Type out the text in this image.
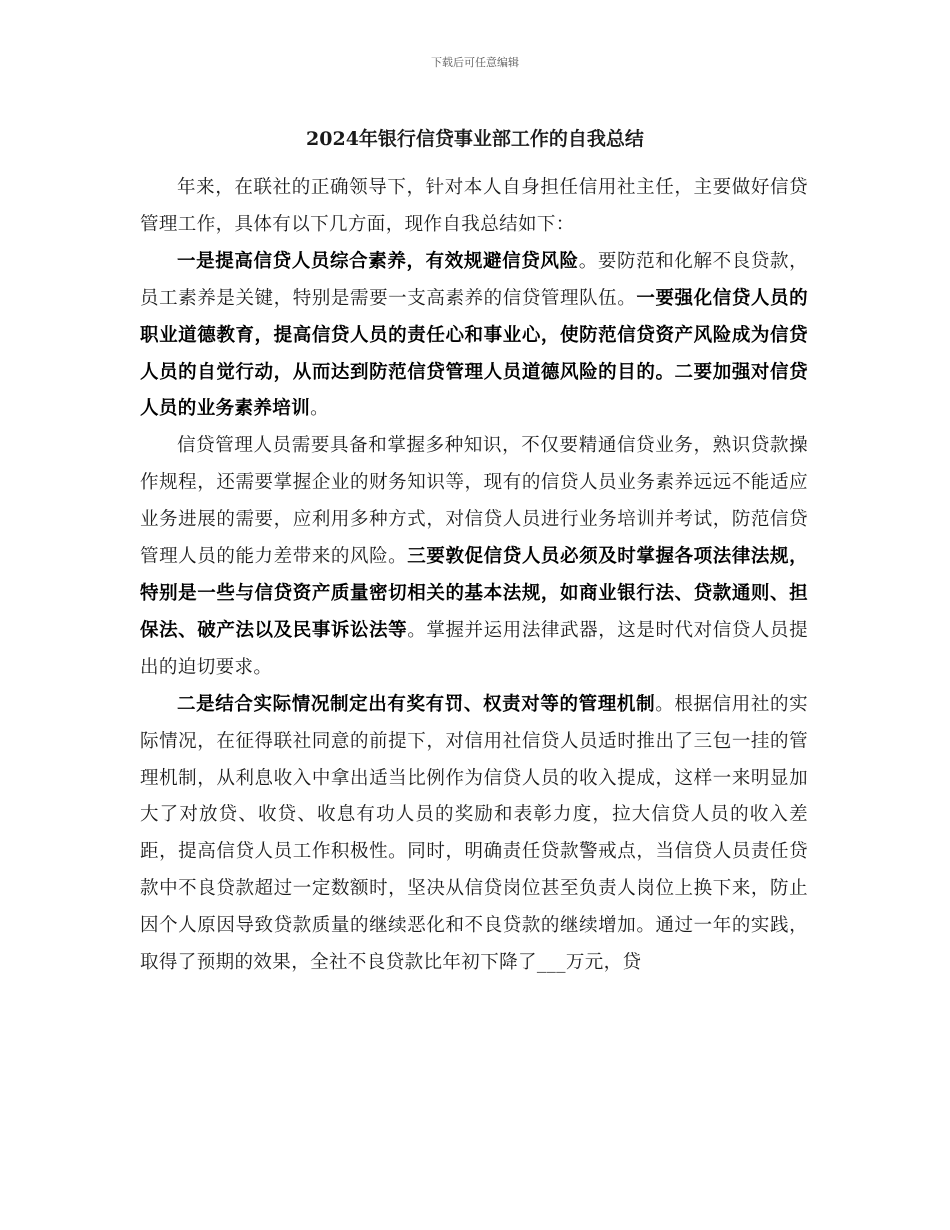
下载后可任意编辑
2024年银行信贷事业部工作的自我总结

年来，在联社的正确领导下，针对本人自身担任信用社主任，主要做好信贷管理工作，具体有以下几方面，现作自我总结如下：

一是提高信贷人员综合素养，有效规避信贷风险。要防范和化解不良贷款，员工素养是关键，特别是需要一支高素养的信贷管理队伍。一要强化信贷人员的职业道德教育，提高信贷人员的责任心和事业心，使防范信贷资产风险成为信贷人员的自觉行动，从而达到防范信贷管理人员道德风险的目的。二要加强对信贷人员的业务素养培训。

信贷管理人员需要具备和掌握多种知识，不仅要精通信贷业务，熟识贷款操作规程，还需要掌握企业的财务知识等，现有的信贷人员业务素养远远不能适应业务进展的需要，应利用多种方式，对信贷人员进行业务培训并考试，防范信贷管理人员的能力差带来的风险。三要敦促信贷人员必须及时掌握各项法律法规，特别是一些与信贷资产质量密切相关的基本法规，如商业银行法、贷款通则、担保法、破产法以及民事诉讼法等。掌握并运用法律武器，这是时代对信贷人员提出的迫切要求。

二是结合实际情况制定出有奖有罚、权责对等的管理机制。根据信用社的实际情况，在征得联社同意的前提下，对信用社信贷人员适时推出了三包一挂的管理机制，从利息收入中拿出适当比例作为信贷人员的收入提成，这样一来明显加大了对放贷、收贷、收息有功人员的奖励和表彰力度，拉大信贷人员的收入差距，提高信贷人员工作积极性。同时，明确责任贷款警戒点，当信贷人员责任贷款中不良贷款超过一定数额时，坚决从信贷岗位甚至负责人岗位上换下来，防止因个人原因导致贷款质量的继续恶化和不良贷款的继续增加。通过一年的实践，取得了预期的效果，全社不良贷款比年初下降了___万元，贷
